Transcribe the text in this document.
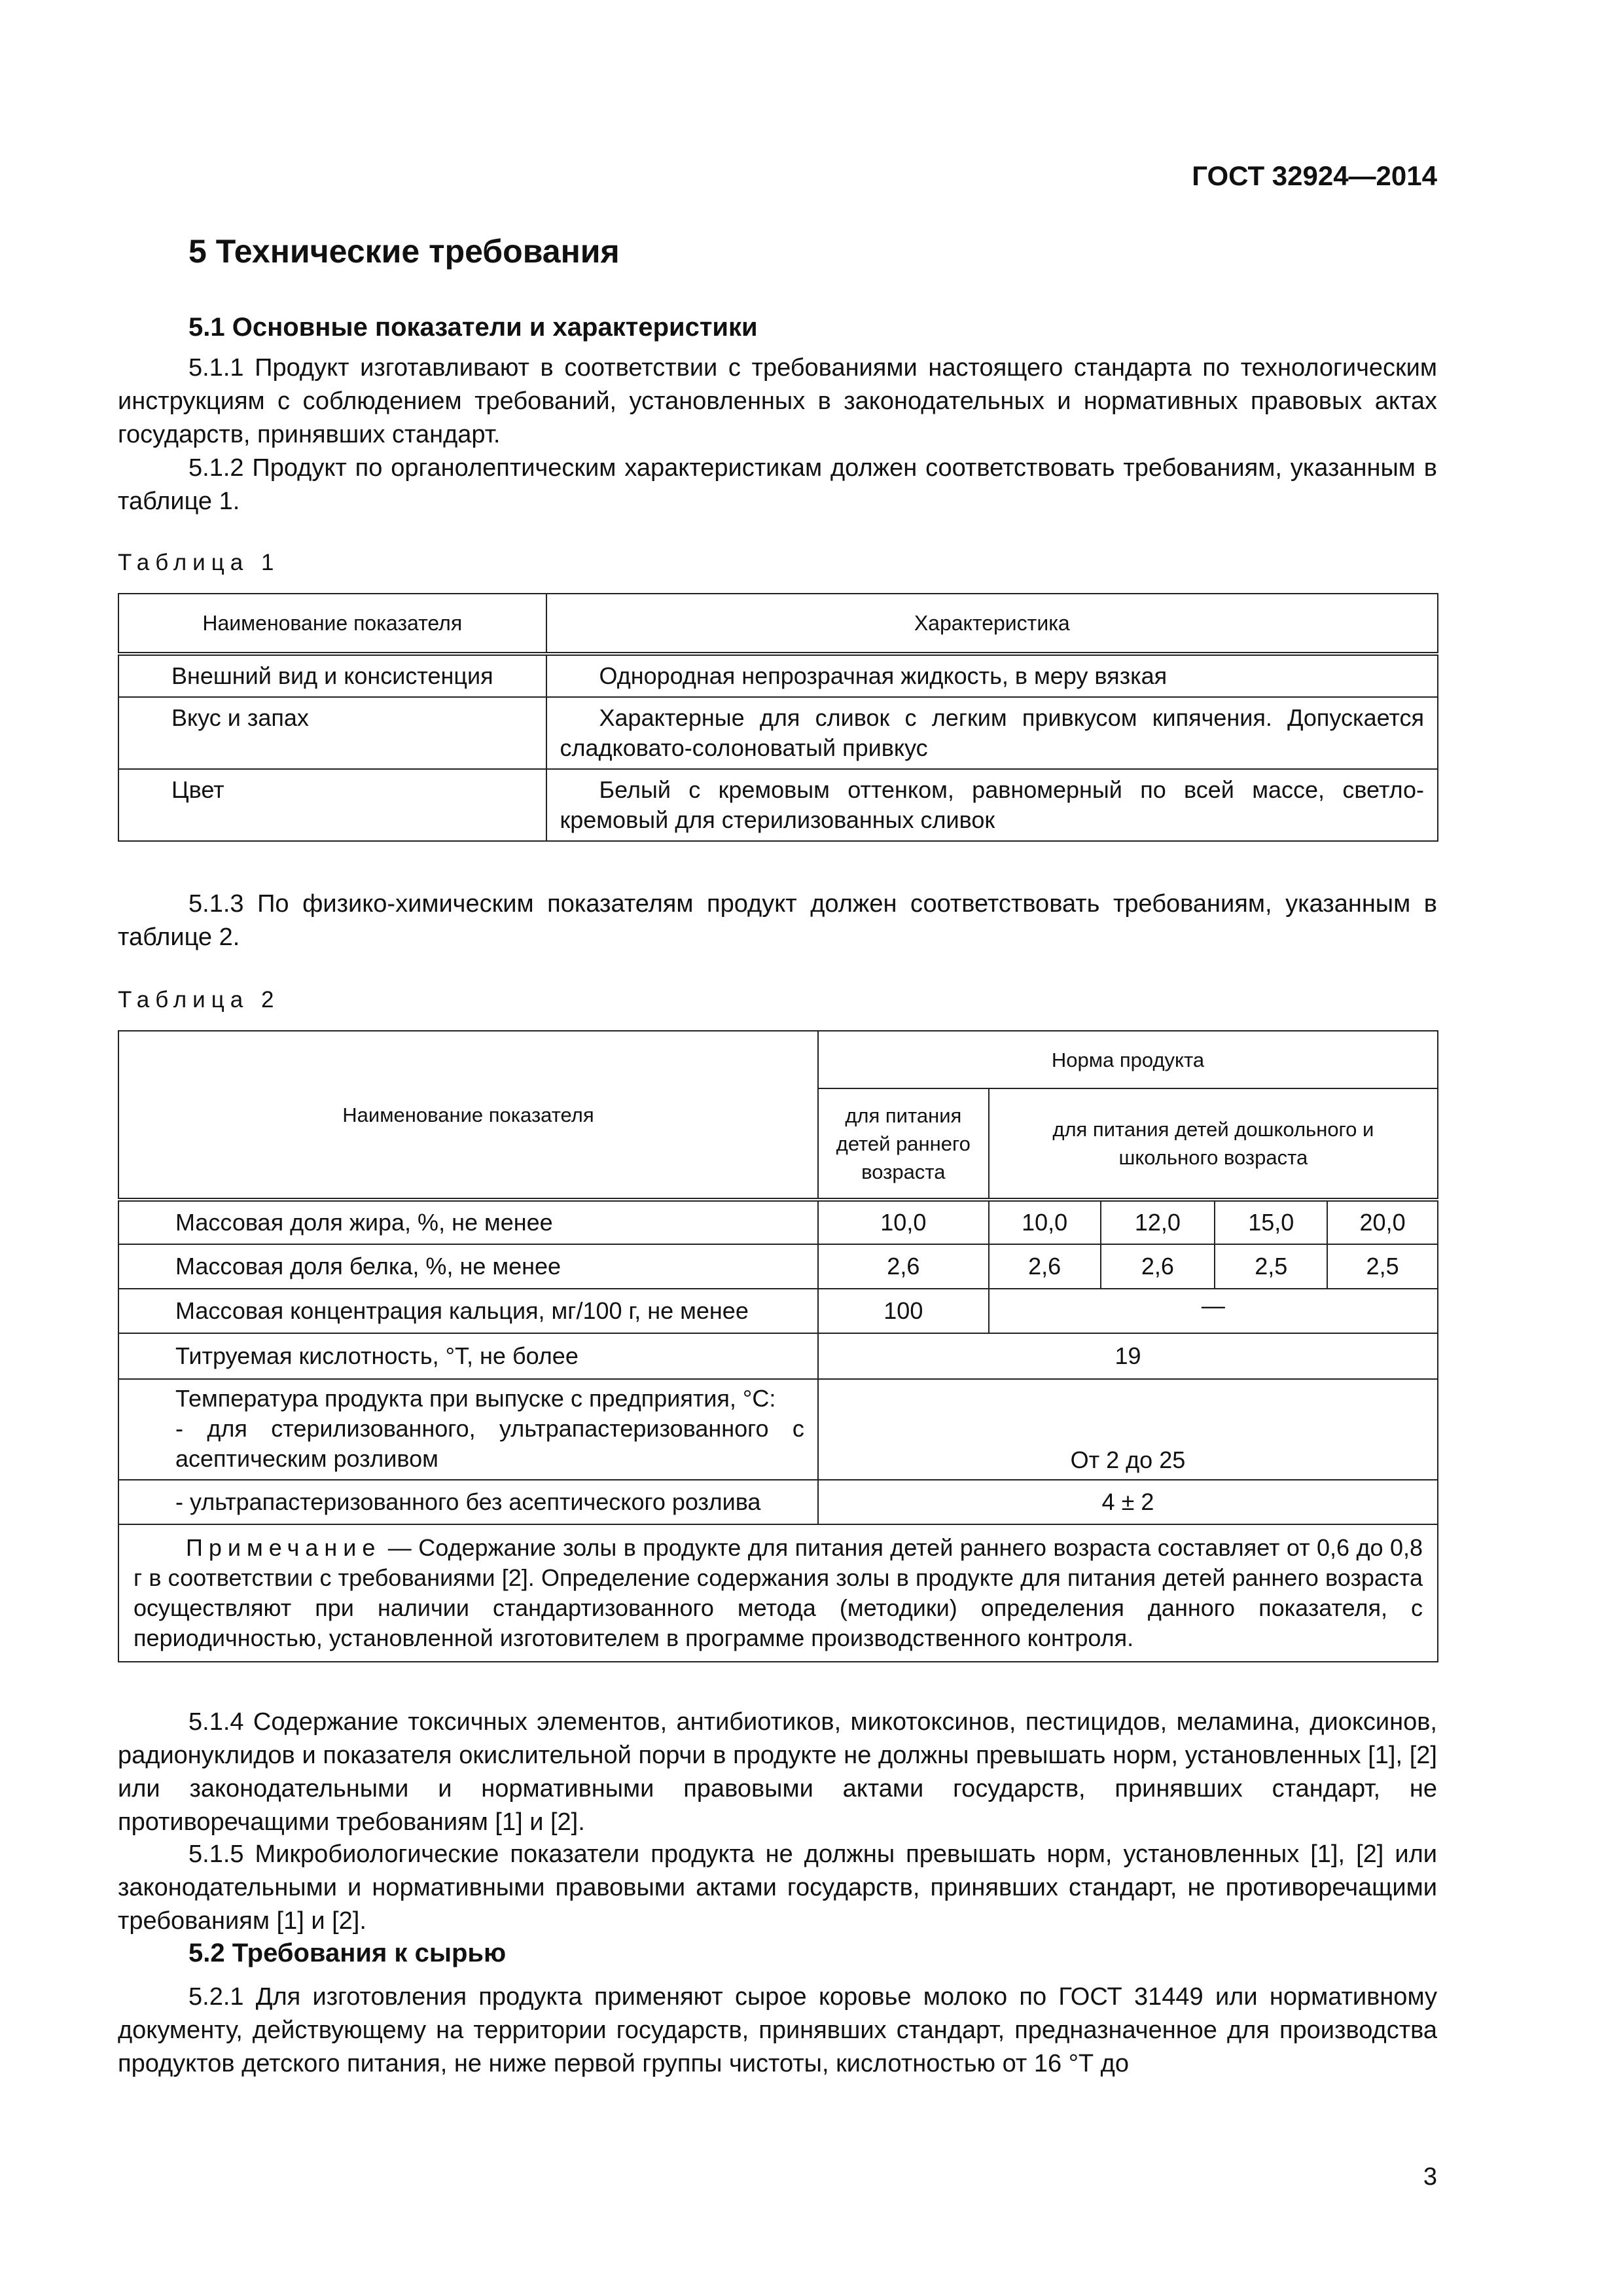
ГОСТ 32924—2014
5 Технические требования
5.1 Основные показатели и характеристики
5.1.1 Продукт изготавливают в соответствии с требованиями настоящего стандарта по технологическим инструкциям с соблюдением требований, установленных в законодательных и нормативных правовых актах государств, принявших стандарт.
5.1.2 Продукт по органолептическим характеристикам должен соответствовать требованиям, указанным в таблице 1.
Таблица 1
Наименование показателя	Характеристика
Внешний вид и консистенция	Однородная непрозрачная жидкость, в меру вязкая
Вкус и запах	Характерные для сливок с легким привкусом кипячения. Допускается сладковато-солоноватый привкус
Цвет	Белый с кремовым оттенком, равномерный по всей массе, светло-кремовый для стерилизованных сливок
5.1.3 По физико-химическим показателям продукт должен соответствовать требованиям, указанным в таблице 2.
Таблица 2
Наименование показателя	Норма продукта				
	для питания детей раннего возраста	для питания детей дошкольного и школьного возраста			
Массовая доля жира, %, не менее	10,0	10,0	12,0	15,0	20,0
Массовая доля белка, %, не менее	2,6	2,6	2,6	2,5	2,5
Массовая концентрация кальция, мг/100 г, не менее	100	—			
Титруемая кислотность, °Т, не более	19				

Температура продукта при выпуске с предприятия, °С:
- для стерилизованного, ультрапастеризованного с асептическим розливом	От 2 до 25				
- ультрапастеризованного без асептического розлива	4 ± 2				
Примечание — Содержание золы в продукте для питания детей раннего возраста составляет от 0,6 до 0,8 г в соответствии с требованиями [2]. Определение содержания золы в продукте для питания детей раннего возраста осуществляют при наличии стандартизованного метода (методики) определения данного показателя, с периодичностью, установленной изготовителем в программе производственного контроля.					
5.1.4 Содержание токсичных элементов, антибиотиков, микотоксинов, пестицидов, меламина, диоксинов, радионуклидов и показателя окислительной порчи в продукте не должны превышать норм, установленных [1], [2] или законодательными и нормативными правовыми актами государств, принявших стандарт, не противоречащими требованиям [1] и [2].
5.1.5 Микробиологические показатели продукта не должны превышать норм, установленных [1], [2] или законодательными и нормативными правовыми актами государств, принявших стандарт, не противоречащими требованиям [1] и [2].
5.2 Требования к сырью
5.2.1 Для изготовления продукта применяют сырое коровье молоко по ГОСТ 31449 или нормативному документу, действующему на территории государств, принявших стандарт, предназначенное для производства продуктов детского питания, не ниже первой группы чистоты, кислотностью от 16 °Т до
3
